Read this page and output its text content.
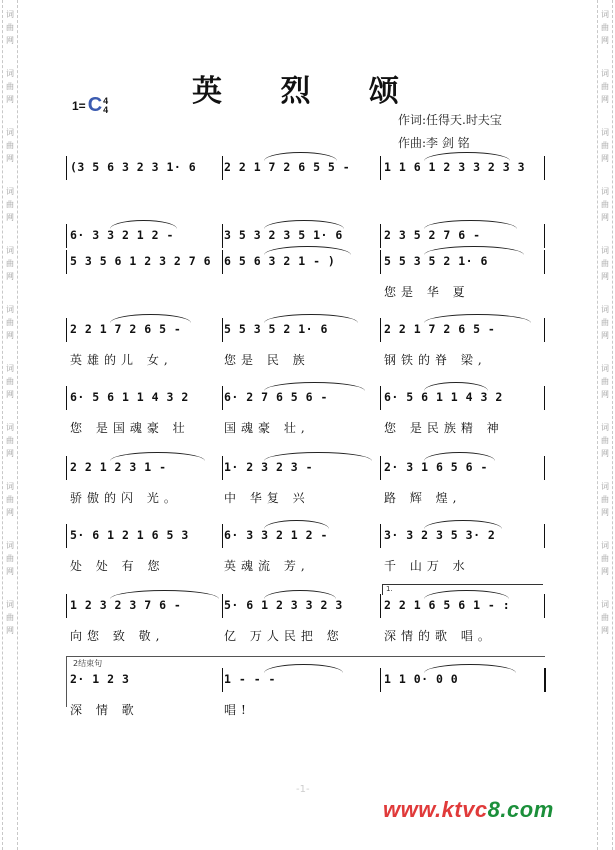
词
曲
网
词
曲
网
词
曲
网
词
曲
网
词
曲
网
词
曲
网
词
曲
网
词
曲
网
词
曲
网
词
曲
网
词
曲
网
词
曲
网
词
曲
网
词
曲
网
词
曲
网
词
曲
网
词
曲
网
词
曲
网
词
曲
网
词
曲
网
词
曲
网
词
曲
网
1= C 4
4
英 烈 颂
作词:任得天.时夫宝
作曲:李 剑 铭
(3 5 6 3 2 3 1· 6 2 2 1 7 2 6 5 5 -	1 1 6 1 2 3 3 2 3 3
6· 3 3 2 1 2 -	3 5 3 2 3 5 1· 6	2 3 5 2 7 6 -
5 3 5 6 1 2 3 2 7 6 6 5 6 3 2 1 - )	5 5 3 5 2 1· 6
您是 华 夏
2 2 1 7 2 6 5 -	5 5 3 5 2 1· 6	2 2 1 7 2 6 5 -
英雄的儿 女,	您是 民 族	钢铁的脊 梁,
6· 5 6 1 1 4 3 2	6· 2 7 6 5 6 -	6· 5 6 1 1 4 3 2
您 是国魂豪 壮	国魂豪 壮,	您 是民族精 神
2 2 1 2 3 1 -	1· 2 3 2 3 -	2· 3 1 6 5 6 -
骄傲的闪 光。	中 华复 兴	路 辉 煌,
5· 6 1 2 1 6 5 3	6· 3 3 2 1 2 -	3· 3 2 3 5 3· 2
处 处 有 您	英魂流 芳,	千 山万 水
1 2 3 2 3 7 6 -	5· 6 1 2 3 3 2 3	2 2 1 6 5 6 1 - :
向您 致 敬,	亿 万人民把 您	深情的歌 唱。
1.
2· 1 2 3	1 - - -	1 1 0· 0 0
深 情 歌	唱!
2结束句
-1-
www.ktvc8.com
